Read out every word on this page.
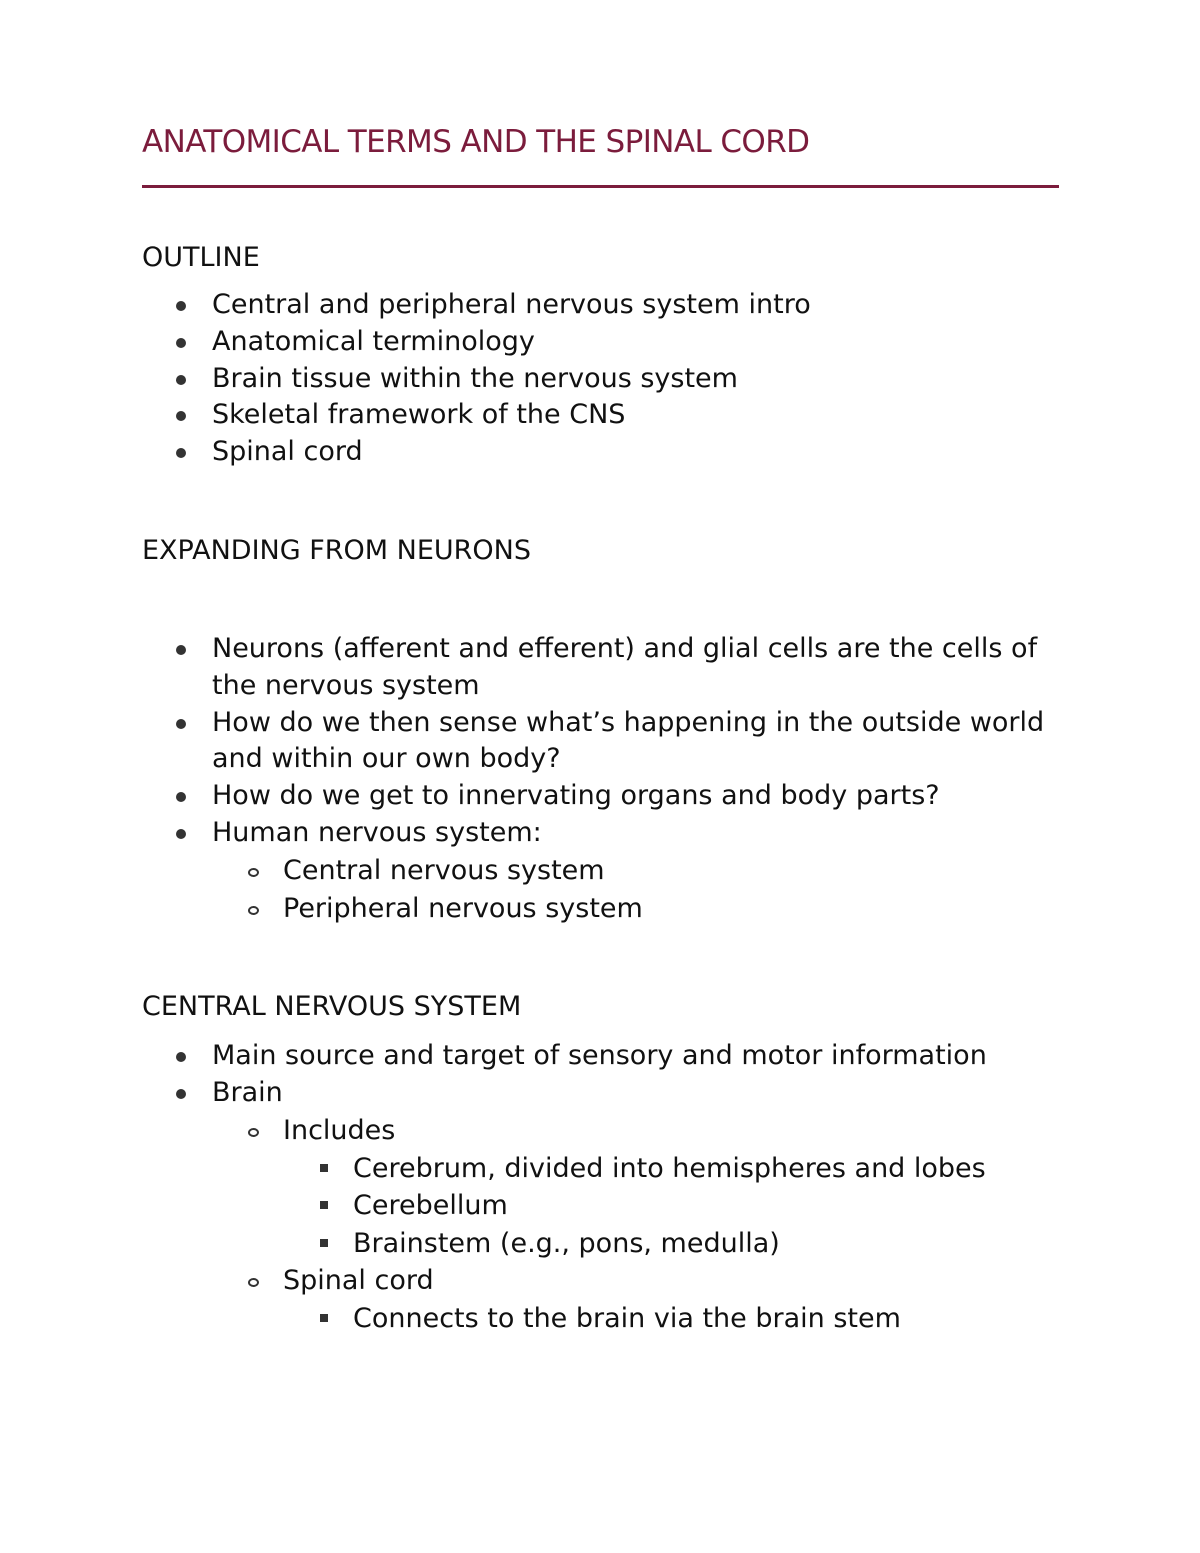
ANATOMICAL TERMS AND THE SPINAL CORD
OUTLINE
Central and peripheral nervous system intro
Anatomical terminology
Brain tissue within the nervous system
Skeletal framework of the CNS
Spinal cord
EXPANDING FROM NEURONS
Neurons (afferent and efferent) and glial cells are the cells of the nervous system
How do we then sense what’s happening in the outside world and within our own body?
How do we get to innervating organs and body parts?
Human nervous system:
Central nervous system
Peripheral nervous system
CENTRAL NERVOUS SYSTEM
Main source and target of sensory and motor information
Brain
Includes
Cerebrum, divided into hemispheres and lobes
Cerebellum
Brainstem (e.g., pons, medulla)
Spinal cord
Connects to the brain via the brain stem
